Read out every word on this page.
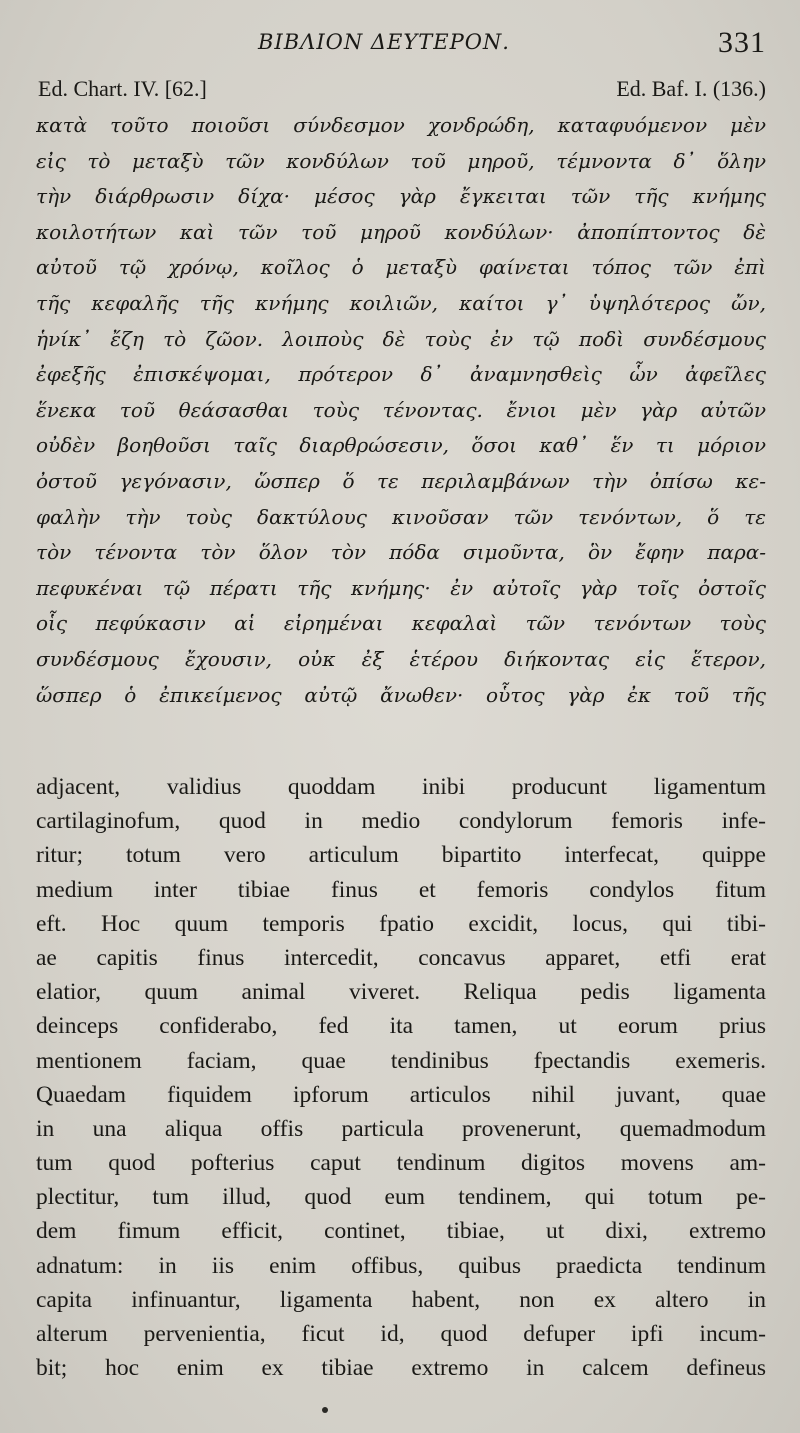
ΒΙΒΛΙΟΝ ΔΕΥΤΕΡΟΝ.	331
Ed. Chart. IV. [62.]	Ed. Baf. I. (136.)
κατὰ τοῦτο ποιοῦσι σύνδεσμον χονδρώδη, καταφυόμενον μὲν
εἰς τὸ μεταξὺ τῶν κονδύλων τοῦ μηροῦ, τέμνοντα δ᾽ ὅλην
τὴν διάρθρωσιν δίχα· μέσος γὰρ ἔγκειται τῶν τῆς κνήμης
κοιλοτήτων καὶ τῶν τοῦ μηροῦ κονδύλων· ἀποπίπτοντος δὲ
αὐτοῦ τῷ χρόνῳ, κοῖλος ὁ μεταξὺ φαίνεται τόπος τῶν ἐπὶ
τῆς κεφαλῆς τῆς κνήμης κοιλιῶν, καίτοι γ᾽ ὑψηλότερος ὤν,
ἡνίκ᾽ ἔζη τὸ ζῶον. λοιποὺς δὲ τοὺς ἐν τῷ ποδὶ συνδέσμους
ἐφεξῆς ἐπισκέψομαι, πρότερον δ᾽ ἀναμνησθεὶς ὧν ἀφεῖλες
ἕνεκα τοῦ θεάσασθαι τοὺς τένοντας. ἔνιοι μὲν γὰρ αὐτῶν
οὐδὲν βοηθοῦσι ταῖς διαρθρώσεσιν, ὅσοι καθ᾽ ἕν τι μόριον
ὀστοῦ γεγόνασιν, ὥσπερ ὅ τε περιλαμβάνων τὴν ὀπίσω κε-
φαλὴν τὴν τοὺς δακτύλους κινοῦσαν τῶν τενόντων, ὅ τε
τὸν τένοντα τὸν ὅλον τὸν πόδα σιμοῦντα, ὃν ἔφην παρα-
πεφυκέναι τῷ πέρατι τῆς κνήμης· ἐν αὐτοῖς γὰρ τοῖς ὀστοῖς
οἷς πεφύκασιν αἱ εἰρημέναι κεφαλαὶ τῶν τενόντων τοὺς
συνδέσμους ἔχουσιν, οὐκ ἐξ ἑτέρου διήκοντας εἰς ἕτερον,
ὥσπερ ὁ ἐπικείμενος αὐτῷ ἄνωθεν· οὗτος γὰρ ἐκ τοῦ τῆς
adjacent, validius quoddam inibi producunt ligamentum
cartilaginofum, quod in medio condylorum femoris infe-
ritur; totum vero articulum bipartito interfecat, quippe
medium inter tibiae finus et femoris condylos fitum
eft. Hoc quum temporis fpatio excidit, locus, qui tibi-
ae capitis finus intercedit, concavus apparet, etfi erat
elatior, quum animal viveret. Reliqua pedis ligamenta
deinceps confiderabo, fed ita tamen, ut eorum prius
mentionem faciam, quae tendinibus fpectandis exemeris.
Quaedam fiquidem ipforum articulos nihil juvant, quae
in una aliqua offis particula provenerunt, quemadmodum
tum quod pofterius caput tendinum digitos movens am-
plectitur, tum illud, quod eum tendinem, qui totum pe-
dem fimum efficit, continet, tibiae, ut dixi, extremo
adnatum: in iis enim offibus, quibus praedicta tendinum
capita infinuantur, ligamenta habent, non ex altero in
alterum pervenientia, ficut id, quod defuper ipfi incum-
bit; hoc enim ex tibiae extremo in calcem defineus
